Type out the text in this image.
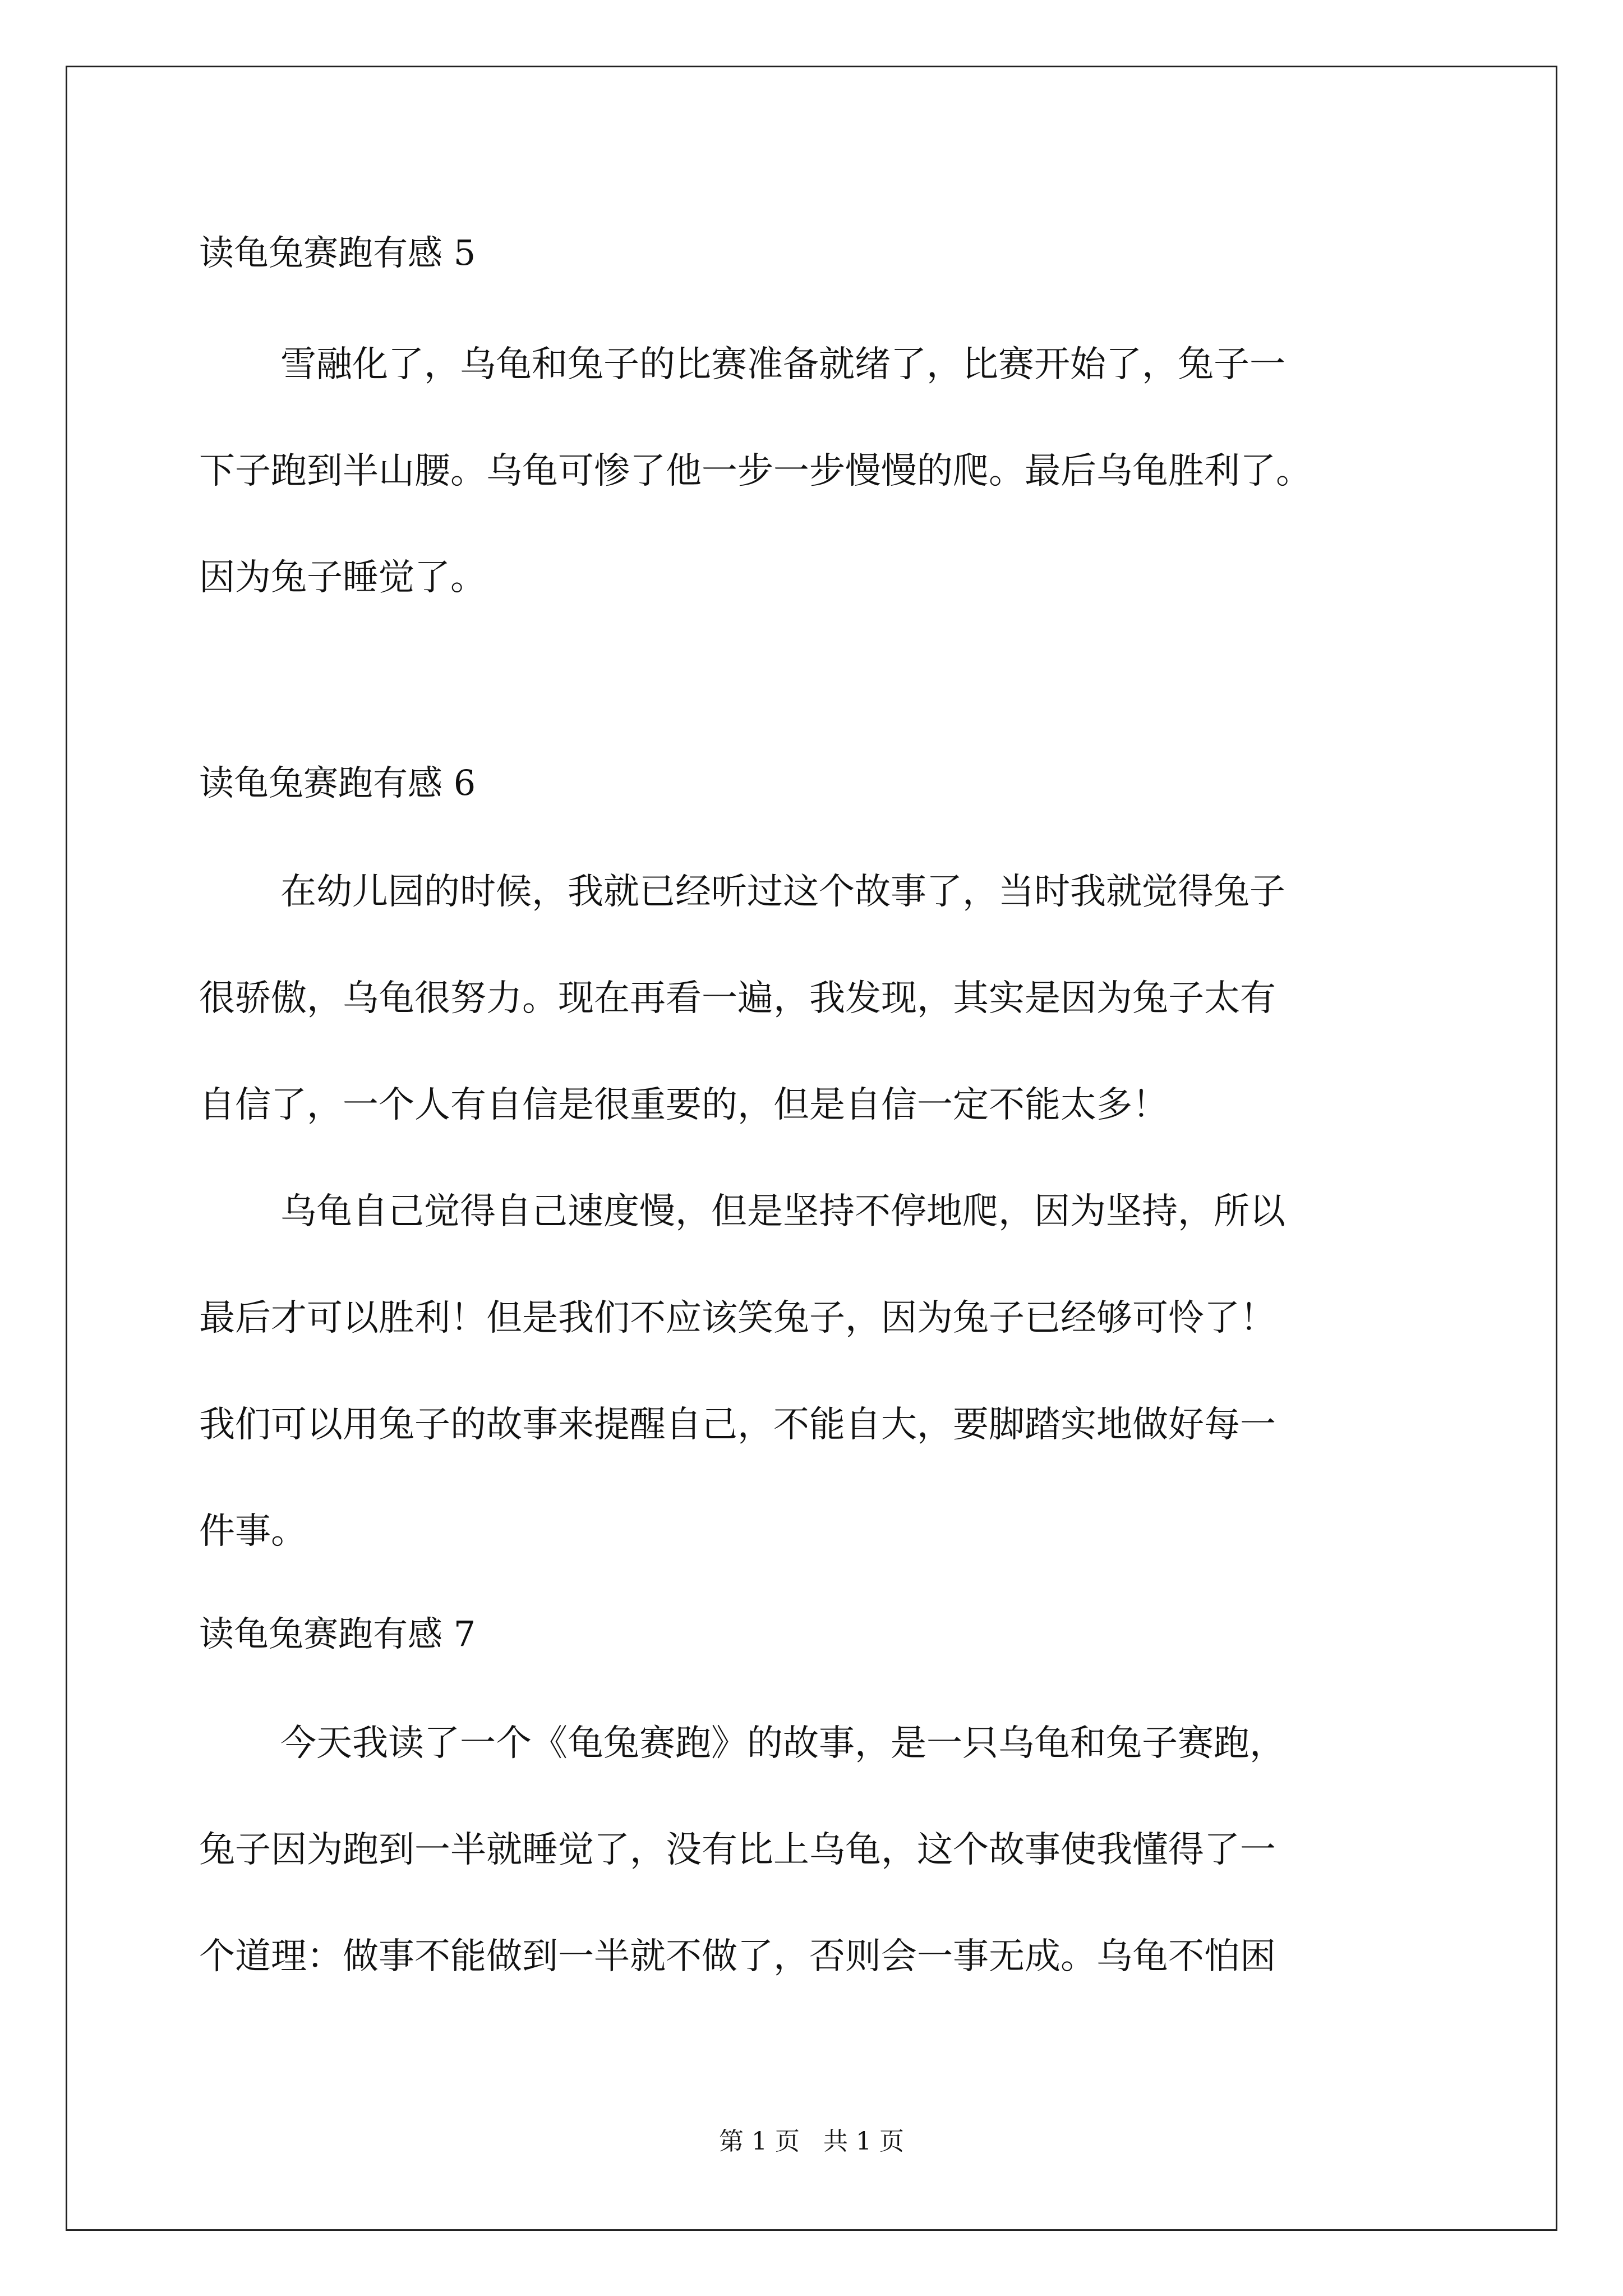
读龟兔赛跑有感 5
雪融化了，乌龟和兔子的比赛准备就绪了，比赛开始了，兔子一
下子跑到半山腰。乌龟可惨了他一步一步慢慢的爬。最后乌龟胜利了。
因为兔子睡觉了。
读龟兔赛跑有感 6
在幼儿园的时候，我就已经听过这个故事了，当时我就觉得兔子
很骄傲，乌龟很努力。现在再看一遍，我发现，其实是因为兔子太有
自信了，一个人有自信是很重要的，但是自信一定不能太多！
乌龟自己觉得自己速度慢，但是坚持不停地爬，因为坚持，所以
最后才可以胜利！但是我们不应该笑兔子，因为兔子已经够可怜了！
我们可以用兔子的故事来提醒自己，不能自大，要脚踏实地做好每一
件事。
读龟兔赛跑有感 7
今天我读了一个《龟兔赛跑》的故事，是一只乌龟和兔子赛跑，
兔子因为跑到一半就睡觉了，没有比上乌龟，这个故事使我懂得了一
个道理：做事不能做到一半就不做了，否则会一事无成。乌龟不怕困
第 1 页   共 1 页
